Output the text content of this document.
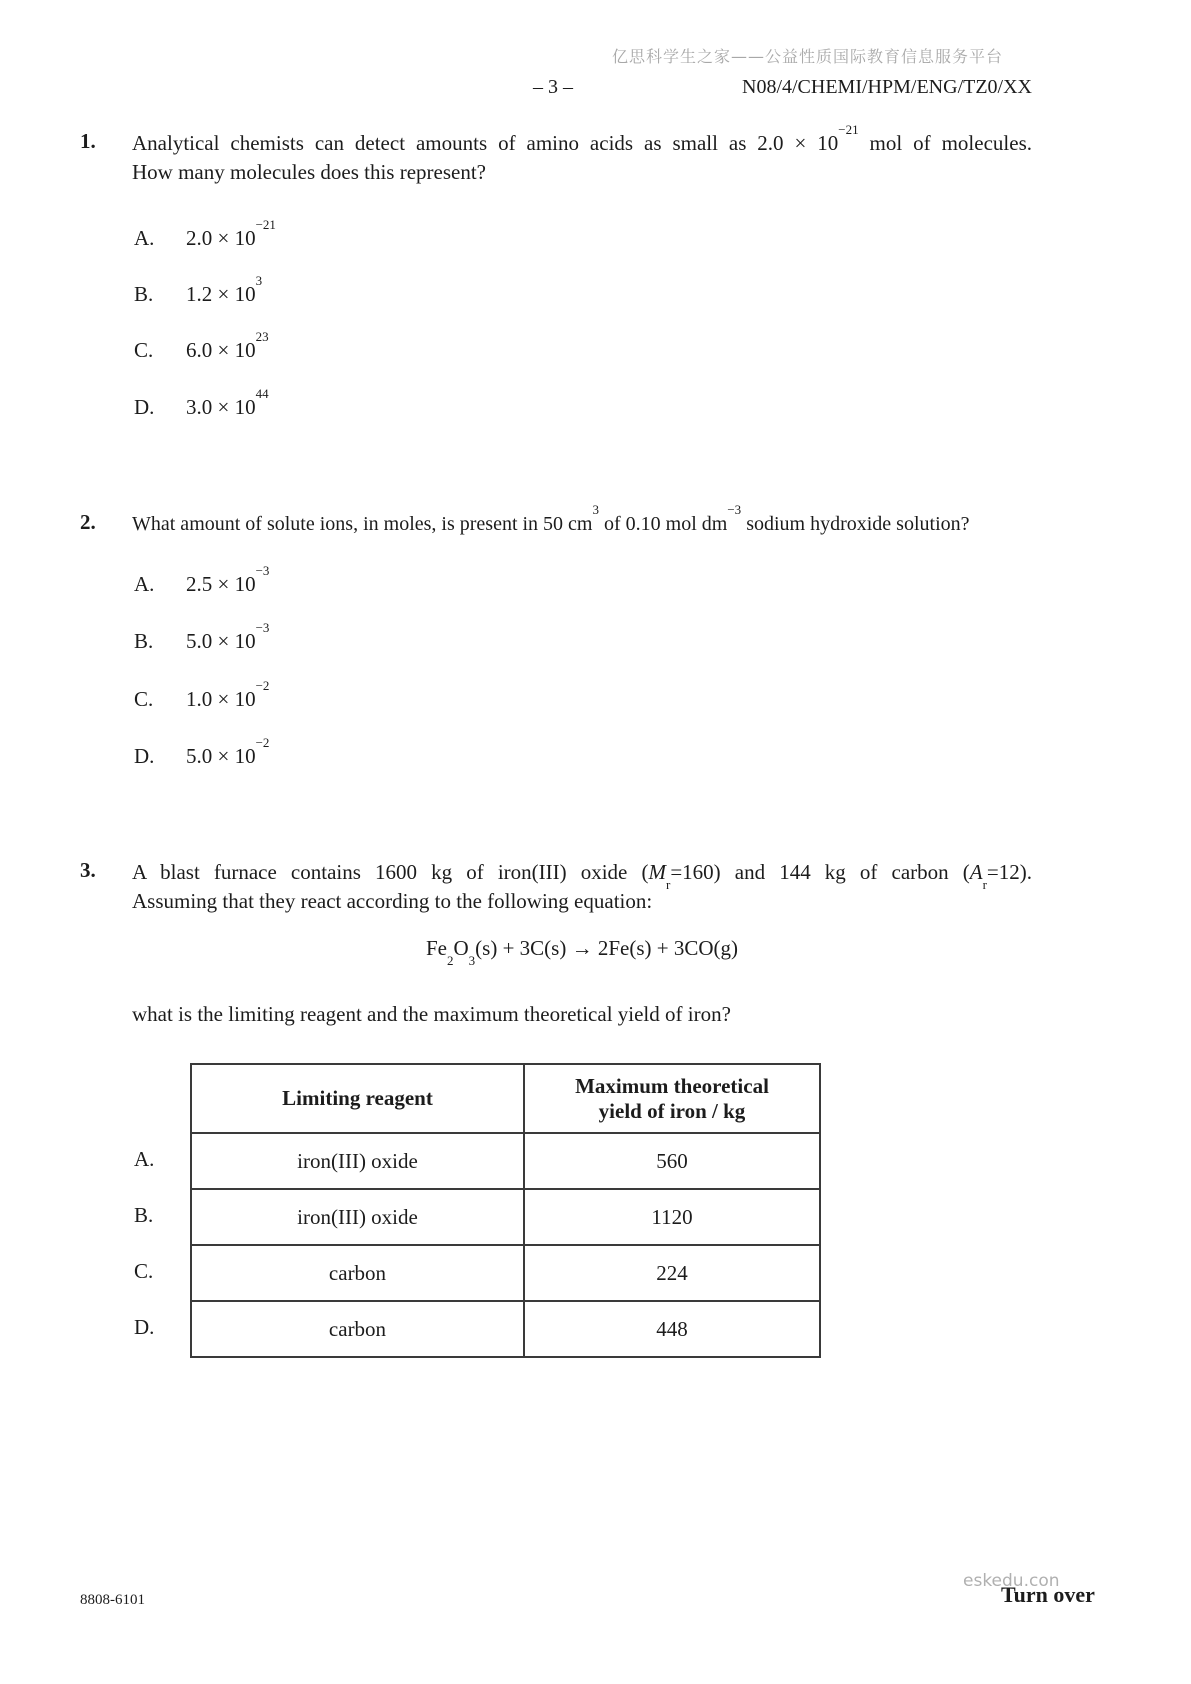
亿思科学生之家——公益性质国际教育信息服务平台
– 3 –	N08/4/CHEMI/HPM/ENG/TZ0/XX
1. Analytical chemists can detect amounts of amino acids as small as $2.0 \times 10^{-21}$ mol of molecules.
How many molecules does this represent?
A. $2.0 \times 10^{-21}$
B. $1.2 \times 10^3$
C. $6.0 \times 10^{23}$
D. $3.0 \times 10^{44}$
2. What amount of solute ions, in moles, is present in 50 $cm^3$ of 0.10 mol $dm^{-3}$ sodium hydroxide solution?
A. $2.5 \times 10^{-3}$
B. $5.0 \times 10^{-3}$
C. $1.0 \times 10^{-2}$
D. $5.0 \times 10^{-2}$
3. A blast furnace contains 1600 kg of iron(III) oxide $(M_r=160)$ and 144 kg of carbon $(A_r=12)$.
Assuming that they react according to the following equation:
$Fe_2O_3(s) + 3C(s) \to 2Fe(s) + 3CO(g)$
what is the limiting reagent and the maximum theoretical yield of iron?
A.
B.
C.
D.
Limiting reagent	Maximum theoretical
yield of iron / kg

iron(III) oxide	560
iron(III) oxide	1120
carbon	224
carbon	448
8808-6101
eskedu.con
Turn over
